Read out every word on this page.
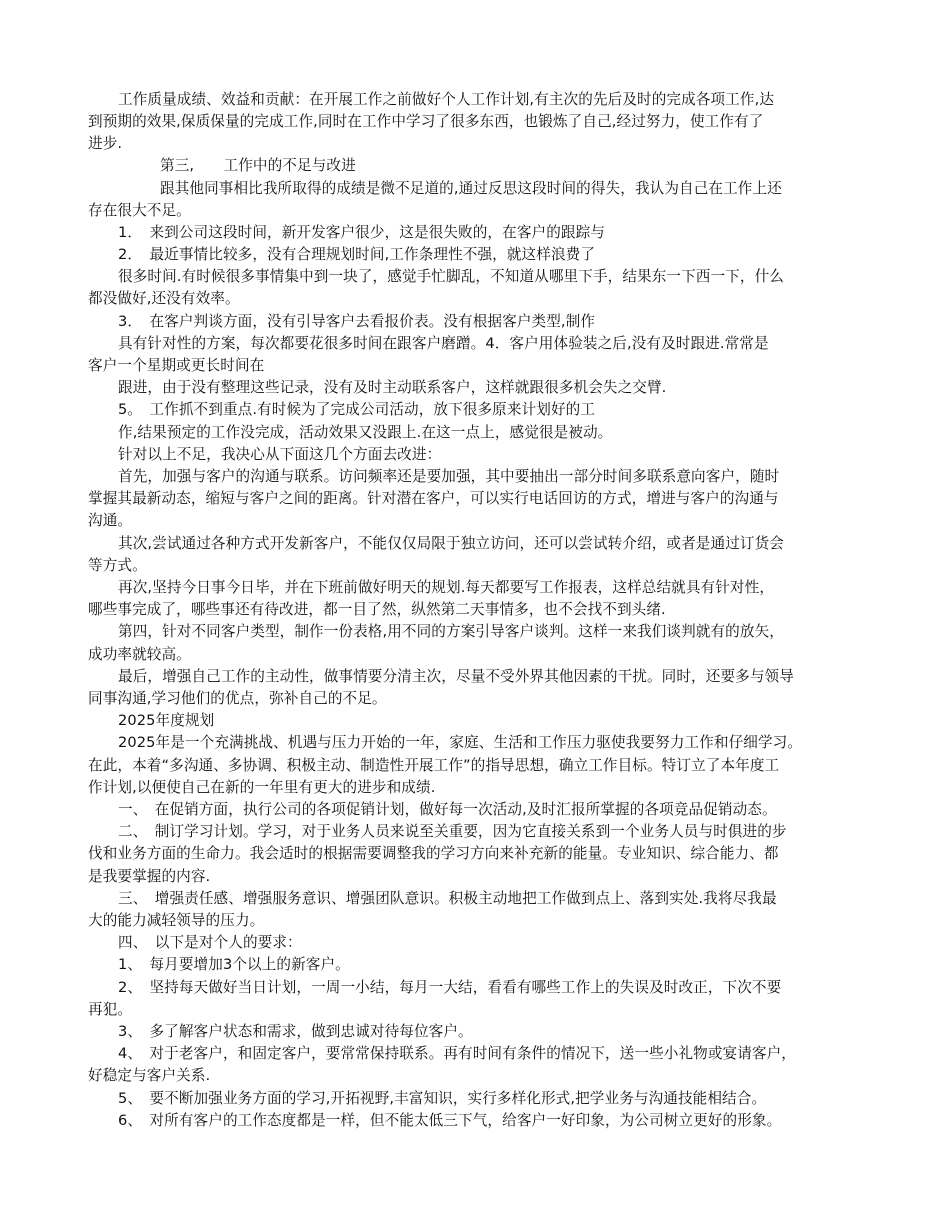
工作质量成绩、效益和贡献：在开展工作之前做好个人工作计划,有主次的先后及时的完成各项工作,达
到预期的效果,保质保量的完成工作,同时在工作中学习了很多东西，也锻炼了自己,经过努力，使工作有了
进步.
第三,　　工作中的不足与改进
跟其他同事相比我所取得的成绩是微不足道的,通过反思这段时间的得失，我认为自己在工作上还
存在很大不足。
1．　来到公司这段时间，新开发客户很少，这是很失败的，在客户的跟踪与
2．　最近事情比较多，没有合理规划时间,工作条理性不强，就这样浪费了
很多时间.有时候很多事情集中到一块了，感觉手忙脚乱，不知道从哪里下手，结果东一下西一下，什么
都没做好,还没有效率。
3．　在客户判谈方面，没有引导客户去看报价表。没有根据客户类型,制作
具有针对性的方案，每次都要花很多时间在跟客户磨蹭。4．客户用体验装之后,没有及时跟进.常常是
客户一个星期或更长时间在
跟进，由于没有整理这些记录，没有及时主动联系客户，这样就跟很多机会失之交臂.
5。　工作抓不到重点.有时候为了完成公司活动，放下很多原来计划好的工
作,结果预定的工作没完成，活动效果又没跟上.在这一点上，感觉很是被动。
针对以上不足，我决心从下面这几个方面去改进：
首先，加强与客户的沟通与联系。访问频率还是要加强，其中要抽出一部分时间多联系意向客户，随时
掌握其最新动态，缩短与客户之间的距离。针对潜在客户，可以实行电话回访的方式，增进与客户的沟通与
沟通。
其次,尝试通过各种方式开发新客户，不能仅仅局限于独立访问，还可以尝试转介绍，或者是通过订货会
等方式。
再次,坚持今日事今日毕，并在下班前做好明天的规划.每天都要写工作报表，这样总结就具有针对性，
哪些事完成了，哪些事还有待改进，都一目了然，纵然第二天事情多，也不会找不到头绪.
第四，针对不同客户类型，制作一份表格,用不同的方案引导客户谈判。这样一来我们谈判就有的放矢，
成功率就较高。
最后，增强自己工作的主动性，做事情要分清主次，尽量不受外界其他因素的干扰。同时，还要多与领导
同事沟通,学习他们的优点，弥补自己的不足。
2025年度规划
2025年是一个充满挑战、机遇与压力开始的一年，家庭、生活和工作压力驱使我要努力工作和仔细学习。
在此，本着“多沟通、多协调、积极主动、制造性开展工作”的指导思想，确立工作目标。特订立了本年度工
作计划,以便使自己在新的一年里有更大的进步和成绩.
一、　在促销方面，执行公司的各项促销计划，做好每一次活动,及时汇报所掌握的各项竞品促销动态。
二、　制订学习计划。学习，对于业务人员来说至关重要，因为它直接关系到一个业务人员与时俱进的步
伐和业务方面的生命力。我会适时的根据需要调整我的学习方向来补充新的能量。专业知识、综合能力、都
是我要掌握的内容.
三、　增强责任感、增强服务意识、增强团队意识。积极主动地把工作做到点上、落到实处.我将尽我最
大的能力减轻领导的压力。
四、　以下是对个人的要求：
1、　每月要增加3个以上的新客户。
2、　坚持每天做好当日计划，一周一小结，每月一大结，看看有哪些工作上的失误及时改正，下次不要
再犯。
3、　多了解客户状态和需求，做到忠诚对待每位客户。
4、　对于老客户，和固定客户，要常常保持联系。再有时间有条件的情况下，送一些小礼物或宴请客户，
好稳定与客户关系.
5、　要不断加强业务方面的学习,开拓视野,丰富知识，实行多样化形式,把学业务与沟通技能相结合。
6、　对所有客户的工作态度都是一样，但不能太低三下气，给客户一好印象，为公司树立更好的形象。
